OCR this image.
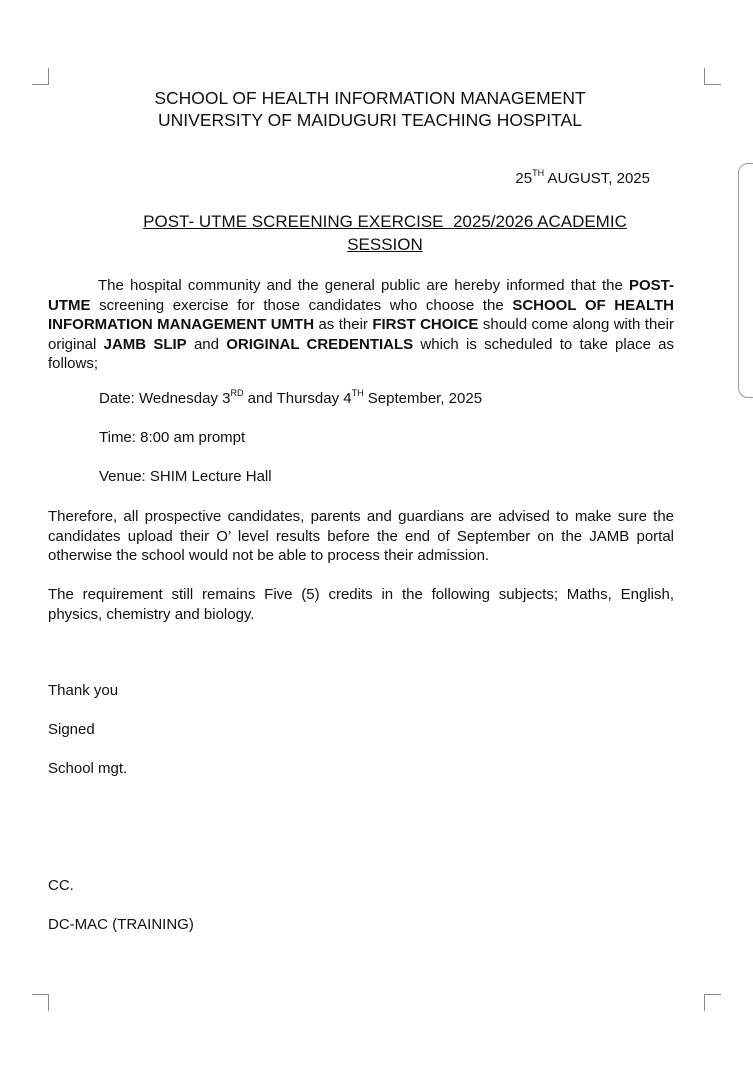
SCHOOL OF HEALTH INFORMATION MANAGEMENT
UNIVERSITY OF MAIDUGURI TEACHING HOSPITAL
25TH AUGUST, 2025
POST- UTME SCREENING EXERCISE  2025/2026 ACADEMIC
SESSION
The hospital community and the general public are hereby informed that the POST- UTME screening exercise for those candidates who choose the SCHOOL OF HEALTH INFORMATION MANAGEMENT UMTH as their FIRST CHOICE should come along with their original JAMB SLIP and ORIGINAL CREDENTIALS which is scheduled to take place as follows;
Date: Wednesday 3RD and Thursday 4TH September, 2025
Time: 8:00 am prompt
Venue: SHIM Lecture Hall
Therefore, all prospective candidates, parents and guardians are advised to make sure the candidates upload their O’ level results before the end of September on the JAMB portal otherwise the school would not be able to process their admission.
The requirement still remains Five (5) credits in the following subjects; Maths, English, physics, chemistry and biology.
Thank you
Signed
School mgt.
CC.
DC-MAC (TRAINING)
